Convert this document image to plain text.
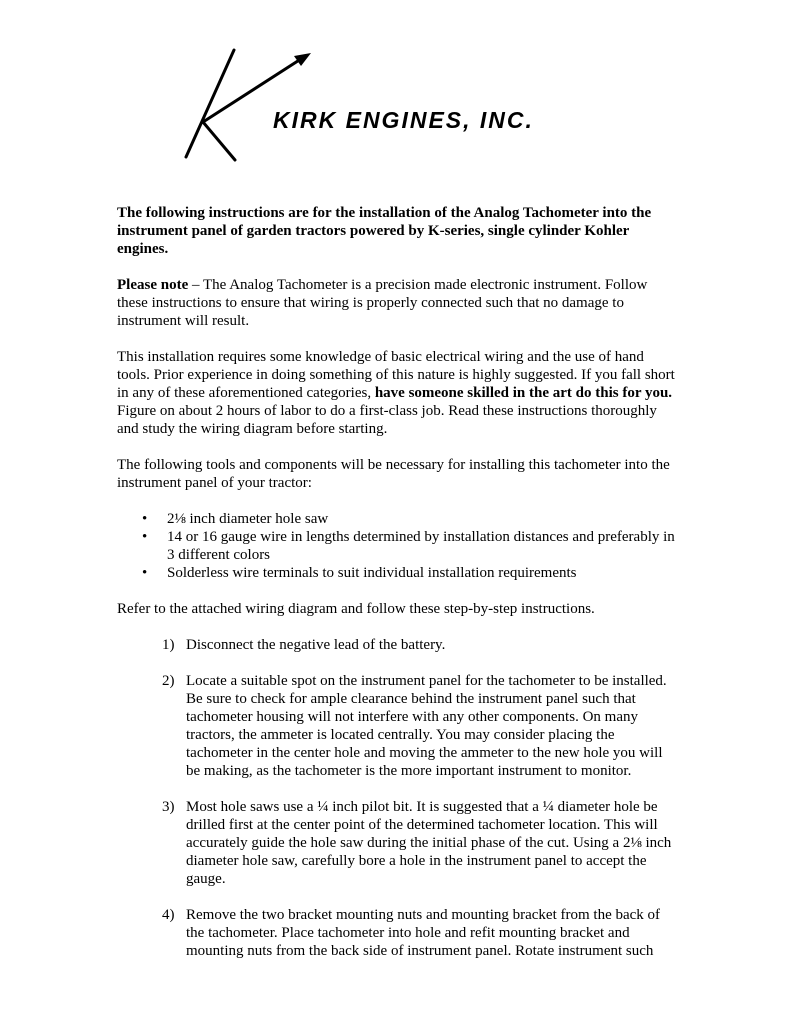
KIRK ENGINES, INC.

The following instructions are for the installation of the Analog Tachometer into the instrument panel of garden tractors powered by K-series, single cylinder Kohler engines.

Please note – The Analog Tachometer is a precision made electronic instrument. Follow these instructions to ensure that wiring is properly connected such that no damage to instrument will result.

This installation requires some knowledge of basic electrical wiring and the use of hand tools. Prior experience in doing something of this nature is highly suggested. If you fall short in any of these aforementioned categories, have someone skilled in the art do this for you. Figure on about 2 hours of labor to do a first-class job. Read these instructions thoroughly and study the wiring diagram before starting.

The following tools and components will be necessary for installing this tachometer into the instrument panel of your tractor:

• 2⅛ inch diameter hole saw
• 14 or 16 gauge wire in lengths determined by installation distances and preferably in 3 different colors
• Solderless wire terminals to suit individual installation requirements

Refer to the attached wiring diagram and follow these step-by-step instructions.

1) Disconnect the negative lead of the battery.
2) Locate a suitable spot on the instrument panel for the tachometer to be installed. Be sure to check for ample clearance behind the instrument panel such that tachometer housing will not interfere with any other components. On many tractors, the ammeter is located centrally. You may consider placing the tachometer in the center hole and moving the ammeter to the new hole you will be making, as the tachometer is the more important instrument to monitor.
3) Most hole saws use a ¼ inch pilot bit. It is suggested that a ¼ diameter hole be drilled first at the center point of the determined tachometer location. This will accurately guide the hole saw during the initial phase of the cut. Using a 2⅛ inch diameter hole saw, carefully bore a hole in the instrument panel to accept the gauge.
4) Remove the two bracket mounting nuts and mounting bracket from the back of the tachometer. Place tachometer into hole and refit mounting bracket and mounting nuts from the back side of instrument panel. Rotate instrument such
